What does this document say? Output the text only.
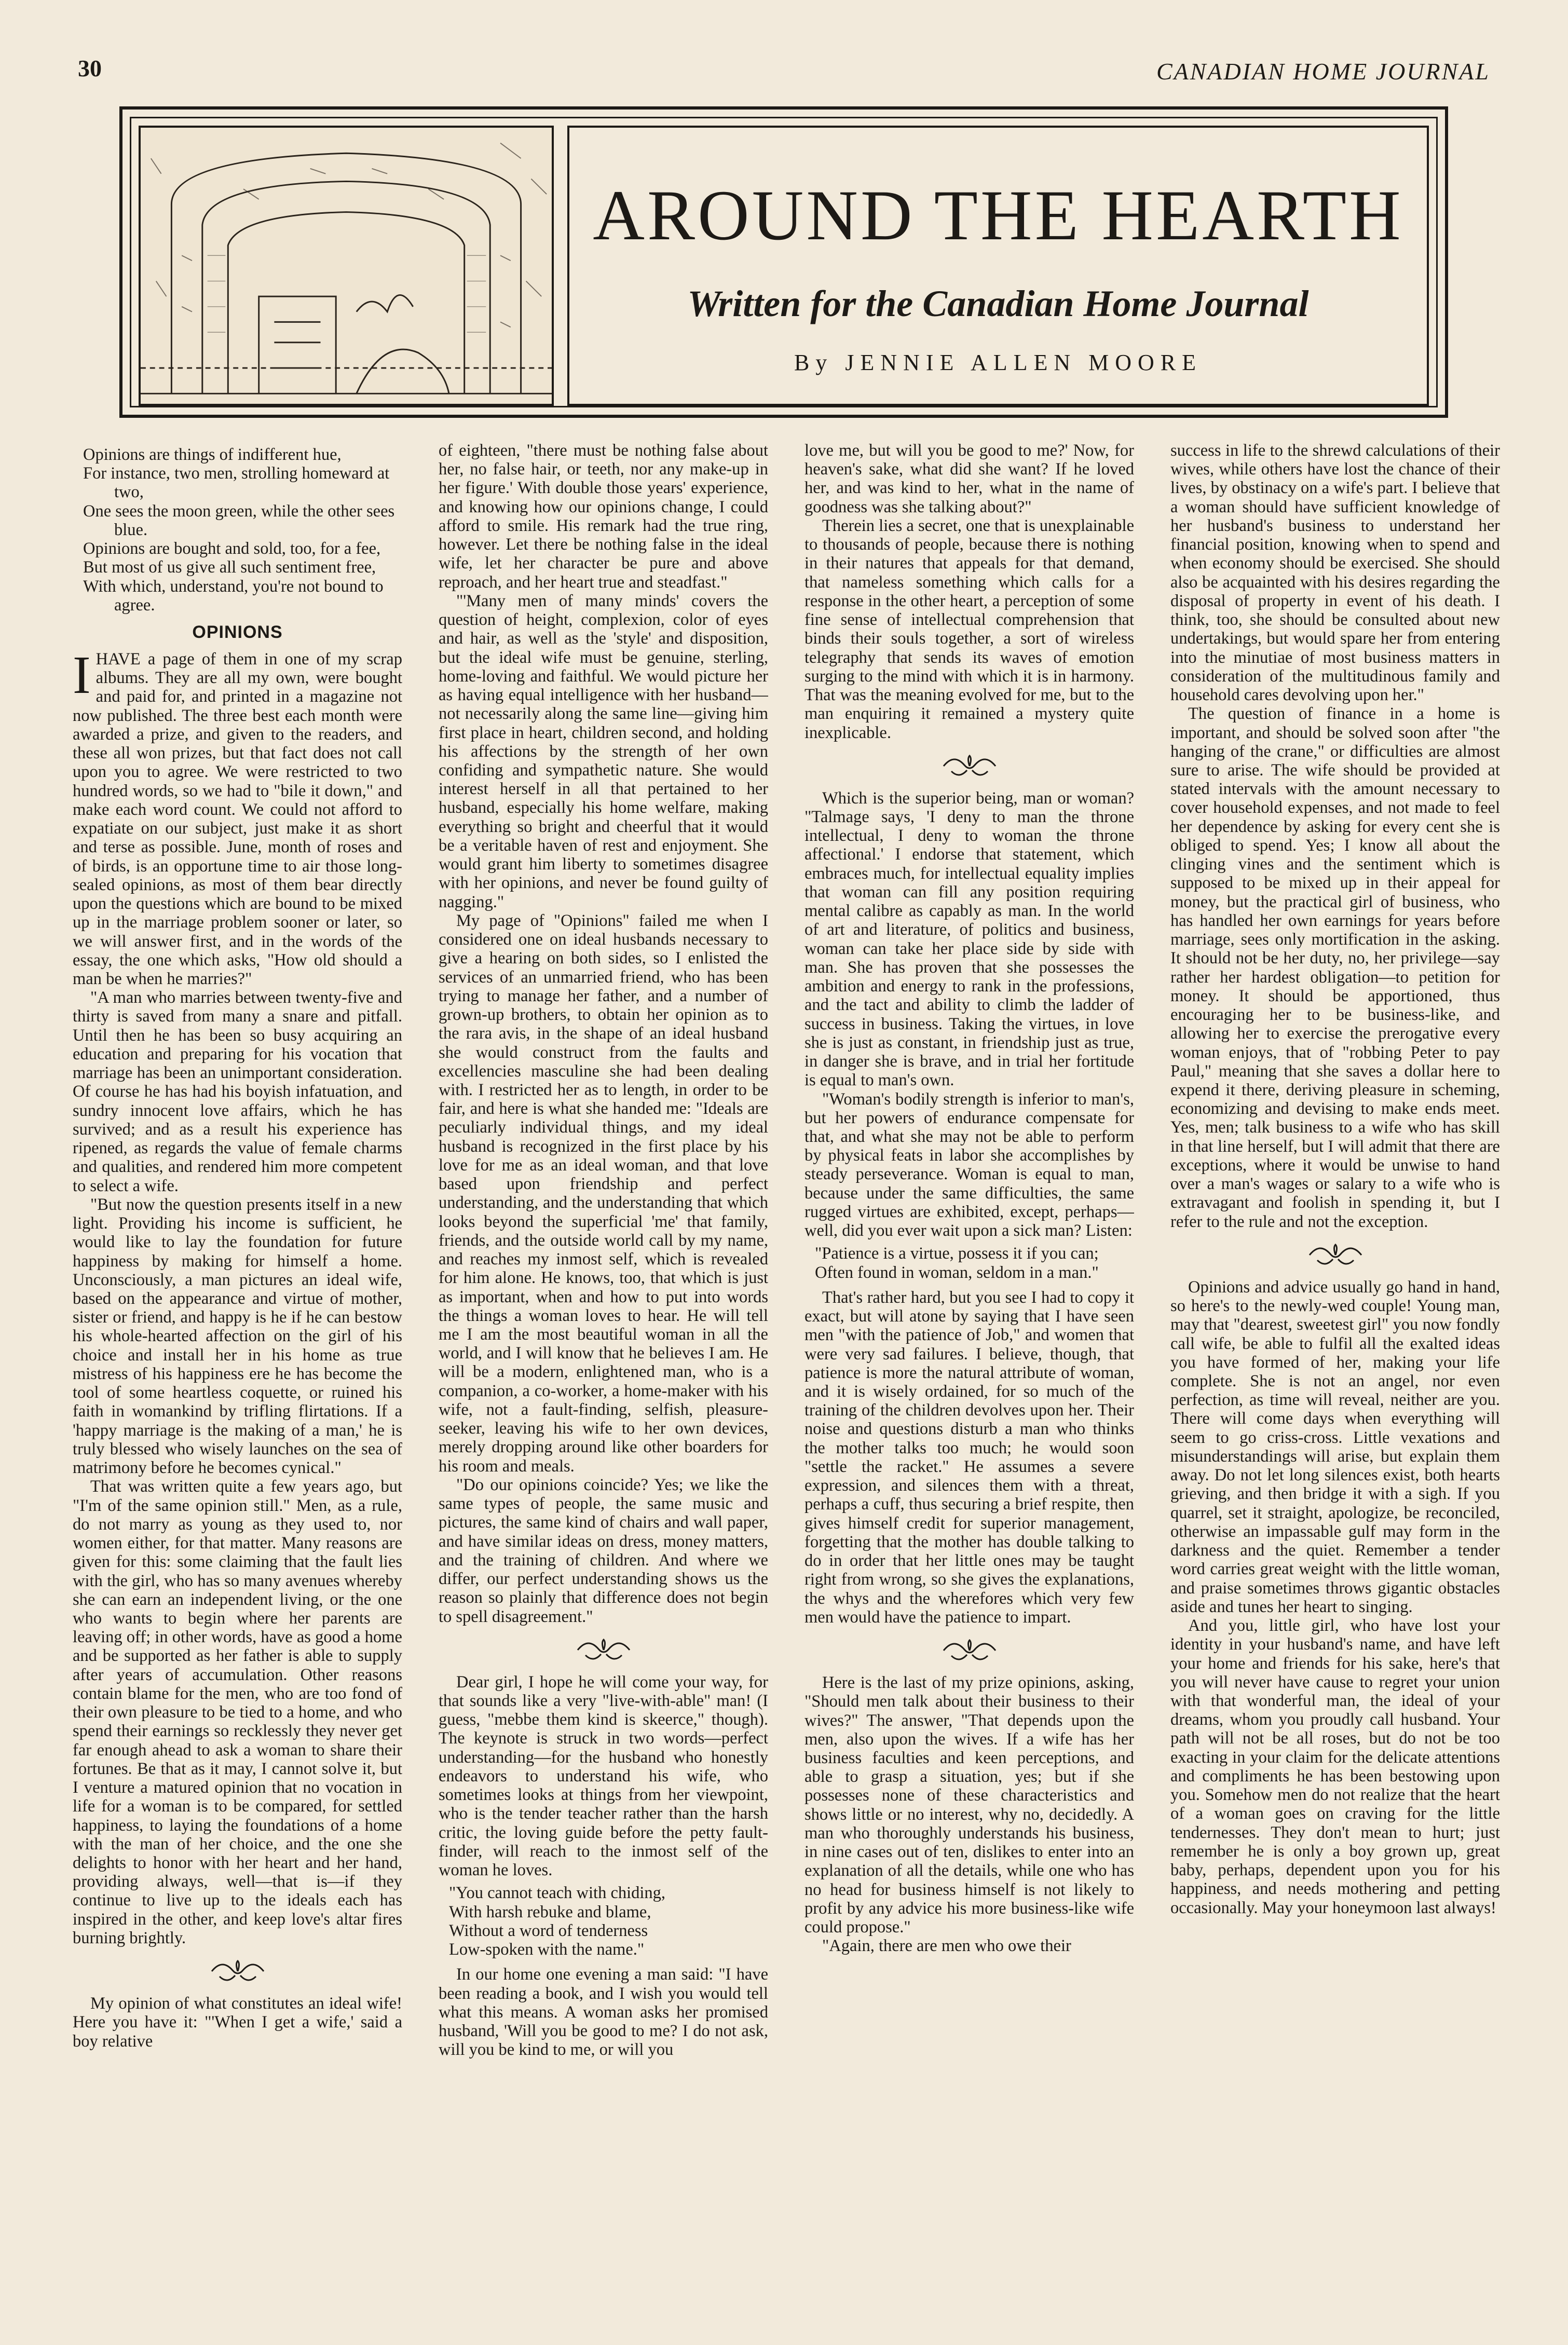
30	CANADIAN HOME JOURNAL
AROUND THE HEARTH
Written for the Canadian Home Journal
By JENNIE ALLEN MOORE

Opinions are things of indifferent hue,

For instance, two men, strolling homeward at two,

One sees the moon green, while the other sees blue.

Opinions are bought and sold, too, for a fee,

But most of us give all such sentiment free,

With which, understand, you're not bound to agree.

OPINIONS

IHAVE a page of them in one of my scrap albums. They are all my own, were bought and paid for, and printed in a magazine not now published. The three best each month were awarded a prize, and given to the readers, and these all won prizes, but that fact does not call upon you to agree. We were restricted to two hundred words, so we had to "bile it down," and make each word count. We could not afford to expatiate on our subject, just make it as short and terse as possible. June, month of roses and of birds, is an opportune time to air those long-sealed opinions, as most of them bear directly upon the questions which are bound to be mixed up in the marriage problem sooner or later, so we will answer first, and in the words of the essay, the one which asks, "How old should a man be when he marries?"

"A man who marries between twenty-five and thirty is saved from many a snare and pitfall. Until then he has been so busy acquiring an education and preparing for his vocation that marriage has been an unimportant consideration. Of course he has had his boyish infatuation, and sundry innocent love affairs, which he has survived; and as a result his experience has ripened, as regards the value of female charms and qualities, and rendered him more competent to select a wife.

"But now the question presents itself in a new light. Providing his income is sufficient, he would like to lay the foundation for future happiness by making for himself a home. Unconsciously, a man pictures an ideal wife, based on the appearance and virtue of mother, sister or friend, and happy is he if he can bestow his whole-hearted affection on the girl of his choice and install her in his home as true mistress of his happiness ere he has become the tool of some heartless coquette, or ruined his faith in womankind by trifling flirtations. If a 'happy marriage is the making of a man,' he is truly blessed who wisely launches on the sea of matrimony before he becomes cynical."

That was written quite a few years ago, but "I'm of the same opinion still." Men, as a rule, do not marry as young as they used to, nor women either, for that matter. Many reasons are given for this: some claiming that the fault lies with the girl, who has so many avenues whereby she can earn an independent living, or the one who wants to begin where her parents are leaving off; in other words, have as good a home and be supported as her father is able to supply after years of accumulation. Other reasons contain blame for the men, who are too fond of their own pleasure to be tied to a home, and who spend their earnings so recklessly they never get far enough ahead to ask a woman to share their fortunes. Be that as it may, I cannot solve it, but I venture a matured opinion that no vocation in life for a woman is to be compared, for settled happiness, to laying the foundations of a home with the man of her choice, and the one she delights to honor with her heart and her hand, providing always, well—that is—if they continue to live up to the ideals each has inspired in the other, and keep love's altar fires burning brightly.

My opinion of what constitutes an ideal wife! Here you have it: "'When I get a wife,' said a boy relative

of eighteen, "there must be nothing false about her, no false hair, or teeth, nor any make-up in her figure.' With double those years' experience, and knowing how our opinions change, I could afford to smile. His remark had the true ring, however. Let there be nothing false in the ideal wife, let her character be pure and above reproach, and her heart true and steadfast."

"'Many men of many minds' covers the question of height, complexion, color of eyes and hair, as well as the 'style' and disposition, but the ideal wife must be genuine, sterling, home-loving and faithful. We would picture her as having equal intelligence with her husband—not necessarily along the same line—giving him first place in heart, children second, and holding his affections by the strength of her own confiding and sympathetic nature. She would interest herself in all that pertained to her husband, especially his home welfare, making everything so bright and cheerful that it would be a veritable haven of rest and enjoyment. She would grant him liberty to sometimes disagree with her opinions, and never be found guilty of nagging."

My page of "Opinions" failed me when I considered one on ideal husbands necessary to give a hearing on both sides, so I enlisted the services of an unmarried friend, who has been trying to manage her father, and a number of grown-up brothers, to obtain her opinion as to the rara avis, in the shape of an ideal husband she would construct from the faults and excellencies masculine she had been dealing with. I restricted her as to length, in order to be fair, and here is what she handed me: "Ideals are peculiarly individual things, and my ideal husband is recognized in the first place by his love for me as an ideal woman, and that love based upon friendship and perfect understanding, and the understanding that which looks beyond the superficial 'me' that family, friends, and the outside world call by my name, and reaches my inmost self, which is revealed for him alone. He knows, too, that which is just as important, when and how to put into words the things a woman loves to hear. He will tell me I am the most beautiful woman in all the world, and I will know that he believes I am. He will be a modern, enlightened man, who is a companion, a co-worker, a home-maker with his wife, not a fault-finding, selfish, pleasure-seeker, leaving his wife to her own devices, merely dropping around like other boarders for his room and meals.

"Do our opinions coincide? Yes; we like the same types of people, the same music and pictures, the same kind of chairs and wall paper, and have similar ideas on dress, money matters, and the training of children. And where we differ, our perfect understanding shows us the reason so plainly that difference does not begin to spell disagreement."

Dear girl, I hope he will come your way, for that sounds like a very "live-with-able" man! (I guess, "mebbe them kind is skeerce," though). The keynote is struck in two words—perfect understanding—for the husband who honestly endeavors to understand his wife, who sometimes looks at things from her viewpoint, who is the tender teacher rather than the harsh critic, the loving guide before the petty fault-finder, will reach to the inmost self of the woman he loves.

"You cannot teach with chiding,

With harsh rebuke and blame,

Without a word of tenderness

Low-spoken with the name."

In our home one evening a man said: "I have been reading a book, and I wish you would tell what this means. A woman asks her promised husband, 'Will you be good to me? I do not ask, will you be kind to me, or will you

love me, but will you be good to me?' Now, for heaven's sake, what did she want? If he loved her, and was kind to her, what in the name of goodness was she talking about?"

Therein lies a secret, one that is unexplainable to thousands of people, because there is nothing in their natures that appeals for that demand, that nameless something which calls for a response in the other heart, a perception of some fine sense of intellectual comprehension that binds their souls together, a sort of wireless telegraphy that sends its waves of emotion surging to the mind with which it is in harmony. That was the meaning evolved for me, but to the man enquiring it remained a mystery quite inexplicable.

Which is the superior being, man or woman? "Talmage says, 'I deny to man the throne intellectual, I deny to woman the throne affectional.' I endorse that statement, which embraces much, for intellectual equality implies that woman can fill any position requiring mental calibre as capably as man. In the world of art and literature, of politics and business, woman can take her place side by side with man. She has proven that she possesses the ambition and energy to rank in the professions, and the tact and ability to climb the ladder of success in business. Taking the virtues, in love she is just as constant, in friendship just as true, in danger she is brave, and in trial her fortitude is equal to man's own.

"Woman's bodily strength is inferior to man's, but her powers of endurance compensate for that, and what she may not be able to perform by physical feats in labor she accomplishes by steady perseverance. Woman is equal to man, because under the same difficulties, the same rugged virtues are exhibited, except, perhaps—well, did you ever wait upon a sick man? Listen:

"Patience is a virtue, possess it if you can;

Often found in woman, seldom in a man."

That's rather hard, but you see I had to copy it exact, but will atone by saying that I have seen men "with the patience of Job," and women that were very sad failures. I believe, though, that patience is more the natural attribute of woman, and it is wisely ordained, for so much of the training of the children devolves upon her. Their noise and questions disturb a man who thinks the mother talks too much; he would soon "settle the racket." He assumes a severe expression, and silences them with a threat, perhaps a cuff, thus securing a brief respite, then gives himself credit for superior management, forgetting that the mother has double talking to do in order that her little ones may be taught right from wrong, so she gives the explanations, the whys and the wherefores which very few men would have the patience to impart.

Here is the last of my prize opinions, asking, "Should men talk about their business to their wives?" The answer, "That depends upon the men, also upon the wives. If a wife has her business faculties and keen perceptions, and able to grasp a situation, yes; but if she possesses none of these characteristics and shows little or no interest, why no, decidedly. A man who thoroughly understands his business, in nine cases out of ten, dislikes to enter into an explanation of all the details, while one who has no head for business himself is not likely to profit by any advice his more business-like wife could propose."

"Again, there are men who owe their

success in life to the shrewd calculations of their wives, while others have lost the chance of their lives, by obstinacy on a wife's part. I believe that a woman should have sufficient knowledge of her husband's business to understand her financial position, knowing when to spend and when economy should be exercised. She should also be acquainted with his desires regarding the disposal of property in event of his death. I think, too, she should be consulted about new undertakings, but would spare her from entering into the minutiae of most business matters in consideration of the multitudinous family and household cares devolving upon her."

The question of finance in a home is important, and should be solved soon after "the hanging of the crane," or difficulties are almost sure to arise. The wife should be provided at stated intervals with the amount necessary to cover household expenses, and not made to feel her dependence by asking for every cent she is obliged to spend. Yes; I know all about the clinging vines and the sentiment which is supposed to be mixed up in their appeal for money, but the practical girl of business, who has handled her own earnings for years before marriage, sees only mortification in the asking. It should not be her duty, no, her privilege—say rather her hardest obligation—to petition for money. It should be apportioned, thus encouraging her to be business-like, and allowing her to exercise the prerogative every woman enjoys, that of "robbing Peter to pay Paul," meaning that she saves a dollar here to expend it there, deriving pleasure in scheming, economizing and devising to make ends meet. Yes, men; talk business to a wife who has skill in that line herself, but I will admit that there are exceptions, where it would be unwise to hand over a man's wages or salary to a wife who is extravagant and foolish in spending it, but I refer to the rule and not the exception.

Opinions and advice usually go hand in hand, so here's to the newly-wed couple! Young man, may that "dearest, sweetest girl" you now fondly call wife, be able to fulfil all the exalted ideas you have formed of her, making your life complete. She is not an angel, nor even perfection, as time will reveal, neither are you. There will come days when everything will seem to go criss-cross. Little vexations and misunderstandings will arise, but explain them away. Do not let long silences exist, both hearts grieving, and then bridge it with a sigh. If you quarrel, set it straight, apologize, be reconciled, otherwise an impassable gulf may form in the darkness and the quiet. Remember a tender word carries great weight with the little woman, and praise sometimes throws gigantic obstacles aside and tunes her heart to singing.

And you, little girl, who have lost your identity in your husband's name, and have left your home and friends for his sake, here's that you will never have cause to regret your union with that wonderful man, the ideal of your dreams, whom you proudly call husband. Your path will not be all roses, but do not be too exacting in your claim for the delicate attentions and compliments he has been bestowing upon you. Somehow men do not realize that the heart of a woman goes on craving for the little tendernesses. They don't mean to hurt; just remember he is only a boy grown up, great baby, perhaps, dependent upon you for his happiness, and needs mothering and petting occasionally. May your honeymoon last always!
